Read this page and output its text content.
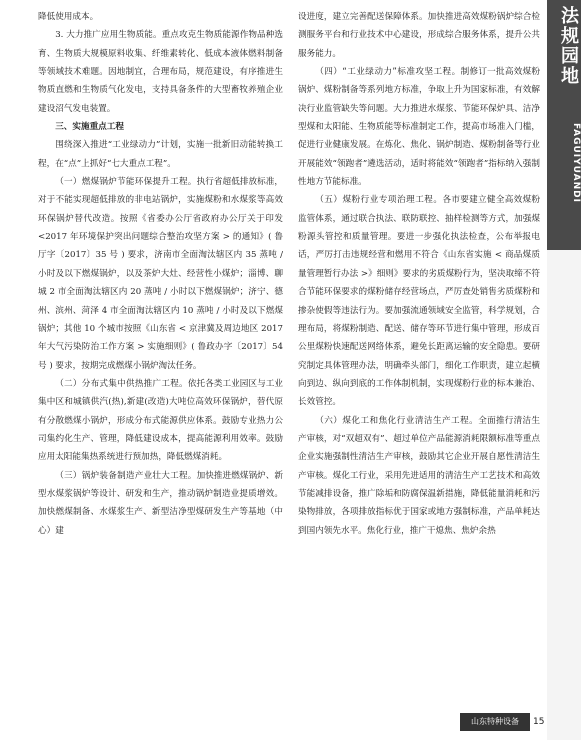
降低使用成本。

3. 大力推广应用生物质能。重点攻克生物质能源作物品种选育、生物质大规模原料收集、纤维素转化、低成本液体燃料制备等领域技术难题。因地制宜，合理布局，规范建设，有序推进生物质直燃和生物质气化发电，支持具备条件的大型畜牧养殖企业建设沼气发电装置。

三、实施重点工程

围绕深入推进“工业绿动力”计划，实施一批新旧动能转换工程，在“点”上抓好“七大重点工程”。

（一）燃煤锅炉节能环保提升工程。执行省超低排放标准，对于不能实现超低排放的非电站锅炉，实施煤粉和水煤浆等高效环保锅炉替代改造。按照《省委办公厅省政府办公厅关于印发 <2017 年环境保护突出问题综合整治攻坚方案 > 的通知》( 鲁厅字〔2017〕35 号 ) 要求，济南市全面淘汰辖区内 35 蒸吨 / 小时及以下燃煤锅炉，以及茶炉大灶、经营性小煤炉；淄博、聊城 2 市全面淘汰辖区内 20 蒸吨 / 小时以下燃煤锅炉；济宁、德州、滨州、菏泽 4 市全面淘汰辖区内 10 蒸吨 / 小时及以下燃煤锅炉；其他 10 个城市按照《山东省 < 京津冀及周边地区 2017 年大气污染防治工作方案 > 实施细则》( 鲁政办字〔2017〕54 号 ) 要求，按期完成燃煤小锅炉淘汰任务。

（二）分布式集中供热推广工程。依托各类工业园区与工业集中区和城镇供汽(热),新建(改造)大吨位高效环保锅炉，替代原有分散燃煤小锅炉，形成分布式能源供应体系。鼓励专业热力公司集约化生产、管理，降低建设成本，提高能源利用效率。鼓励应用太阳能集热系统进行预加热，降低燃煤消耗。

（三）锅炉装备制造产业壮大工程。加快推进燃煤锅炉、新型水煤浆锅炉等设计、研发和生产，推动锅炉制造业提质增效。加快燃煤制备、水煤浆生产、新型洁净型煤研发生产等基地（中心）建

设进度，建立完善配送保障体系。加快推进高效煤粉锅炉综合检测服务平台和行业技术中心建设，形成综合服务体系，提升公共服务能力。

（四）“工业绿动力”标准攻坚工程。制修订一批高效煤粉锅炉、煤粉制备等系列地方标准，争取上升为国家标准，有效解决行业监管缺失等问题。大力推进水煤浆、节能环保炉具、洁净型煤和太阳能、生物质能等标准制定工作，提高市场准入门槛，促进行业健康发展。在炼化、焦化、锅炉制造、煤粉制备等行业开展能效“领跑者”遴选活动，适时将能效“领跑者”指标纳入强制性地方节能标准。

（五）煤粉行业专项治理工程。各市要建立健全高效煤粉监管体系，通过联合执法、联防联控、抽样检测等方式，加强煤粉源头管控和质量管理。要进一步强化执法检查，公布举报电话，严厉打击违规经营和燃用不符合《山东省实施 < 商品煤质量管理暂行办法 >》细则》要求的劣质煤粉行为，坚决取缔不符合节能环保要求的煤粉储存经营场点，严厉查处销售劣质煤粉和掺杂使假等违法行为。要加强流通领域安全监管，科学规划，合理布局，将煤粉制造、配送、储存等环节进行集中管理，形成百公里煤粉快速配送网络体系，避免长距离运输的安全隐患。要研究制定具体管理办法，明确牵头部门，细化工作职责，建立起横向到边、纵向到底的工作体制机制，实现煤粉行业的标本兼治、长效管控。

（六）煤化工和焦化行业清洁生产工程。全面推行清洁生产审核，对“双超双有”、超过单位产品能源消耗限额标准等重点企业实施强制性清洁生产审核，鼓励其它企业开展自愿性清洁生产审核。煤化工行业，采用先进适用的清洁生产工艺技术和高效节能减排设备，推广除垢和防腐保温新措施，降低能量消耗和污染物排放，各项排放指标优于国家或地方强制标准，产品单耗达到国内领先水平。焦化行业，推广干熄焦、焦炉余热

法规园地
FAGUIYUANDI
山东特种设备	15
